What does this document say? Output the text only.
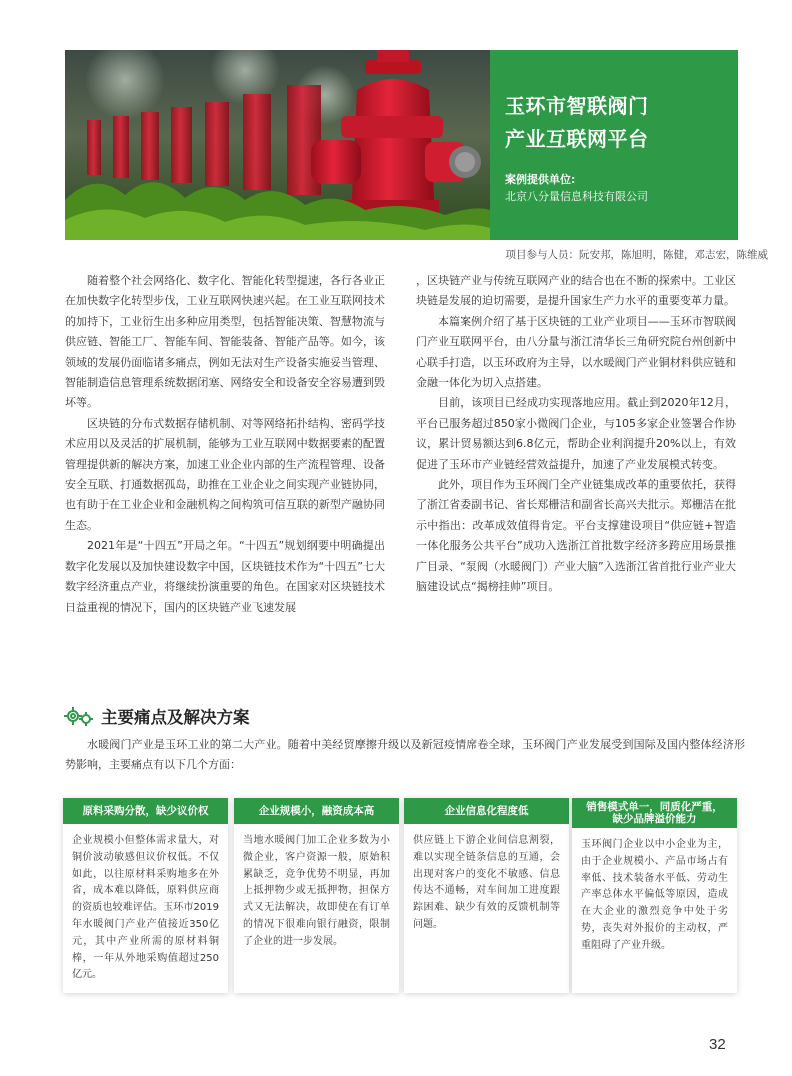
玉环市智联阀门
产业互联网平台
案例提供单位:
北京八分量信息科技有限公司
项目参与人员：阮安邦，陈旭明，陈健，邓志宏，陈维威

随着整个社会网络化、数字化、智能化转型提速，各行各业正在加快数字化转型步伐，工业互联网快速兴起。在工业互联网技术的加持下，工业衍生出多种应用类型，包括智能决策、智慧物流与供应链、智能工厂、智能车间、智能装备、智能产品等。如今，该领域的发展仍面临诸多痛点，例如无法对生产设备实施妥当管理、智能制造信息管理系统数据闭塞、网络安全和设备安全容易遭到毁坏等。

区块链的分布式数据存储机制、对等网络拓扑结构、密码学技术应用以及灵活的扩展机制，能够为工业互联网中数据要素的配置管理提供新的解决方案，加速工业企业内部的生产流程管理、设备安全互联、打通数据孤岛，助推在工业企业之间实现产业链协同，也有助于在工业企业和金融机构之间构筑可信互联的新型产融协同生态。

2021年是“十四五”开局之年。“十四五”规划纲要中明确提出数字化发展以及加快建设数字中国，区块链技术作为“十四五”七大数字经济重点产业，将继续扮演重要的角色。在国家对区块链技术日益重视的情况下，国内的区块链产业飞速发展

，区块链产业与传统互联网产业的结合也在不断的探索中。工业区块链是发展的迫切需要，是提升国家生产力水平的重要变革力量。

本篇案例介绍了基于区块链的工业产业项目——玉环市智联阀门产业互联网平台，由八分量与浙江清华长三角研究院台州创新中心联手打造，以玉环政府为主导，以水暖阀门产业铜材料供应链和金融一体化为切入点搭建。

目前，该项目已经成功实现落地应用。截止到2020年12月，平台已服务超过850家小微阀门企业，与105多家企业签署合作协议，累计贸易额达到6.8亿元，帮助企业利润提升20%以上，有效促进了玉环市产业链经营效益提升，加速了产业发展模式转变。

此外，项目作为玉环阀门全产业链集成改革的重要依托，获得了浙江省委副书记、省长郑栅洁和副省长高兴夫批示。郑栅洁在批示中指出：改革成效值得肯定。平台支撑建设项目“供应链+智造一体化服务公共平台”成功入选浙江首批数字经济多跨应用场景推广目录、“泵阀（水暖阀门）产业大脑”入选浙江省首批行业产业大脑建设试点“揭榜挂帅”项目。

主要痛点及解决方案

水暖阀门产业是玉环工业的第二大产业。随着中美经贸摩擦升级以及新冠疫情席卷全球，玉环阀门产业发展受到国际及国内整体经济形势影响，主要痛点有以下几个方面：

原料采购分散，缺少议价权
企业规模小但整体需求量大，对铜价波动敏感但议价权低。不仅如此，以往原材料采购地多在外省，成本难以降低，原料供应商的资质也较难评估。玉环市2019年水暖阀门产业产值接近350亿元，其中产业所需的原材料铜棒，一年从外地采购值超过250亿元。
企业规模小，融资成本高
当地水暖阀门加工企业多数为小微企业，客户资源一般，原始积累缺乏，竞争优势不明显，再加上抵押物少或无抵押物，担保方式又无法解决，故即使在有订单的情况下很难向银行融资，限制了企业的进一步发展。
企业信息化程度低
供应链上下游企业间信息割裂，难以实现全链条信息的互通，会出现对客户的变化不敏感、信息传达不通畅，对车间加工进度跟踪困难、缺少有效的反馈机制等问题。
销售模式单一，同质化严重，
缺少品牌溢价能力
玉环阀门企业以中小企业为主，由于企业规模小、产品市场占有率低、技术装备水平低、劳动生产率总体水平偏低等原因，造成在大企业的激烈竞争中处于劣势，丧失对外报价的主动权，严重阻碍了产业升级。
32
